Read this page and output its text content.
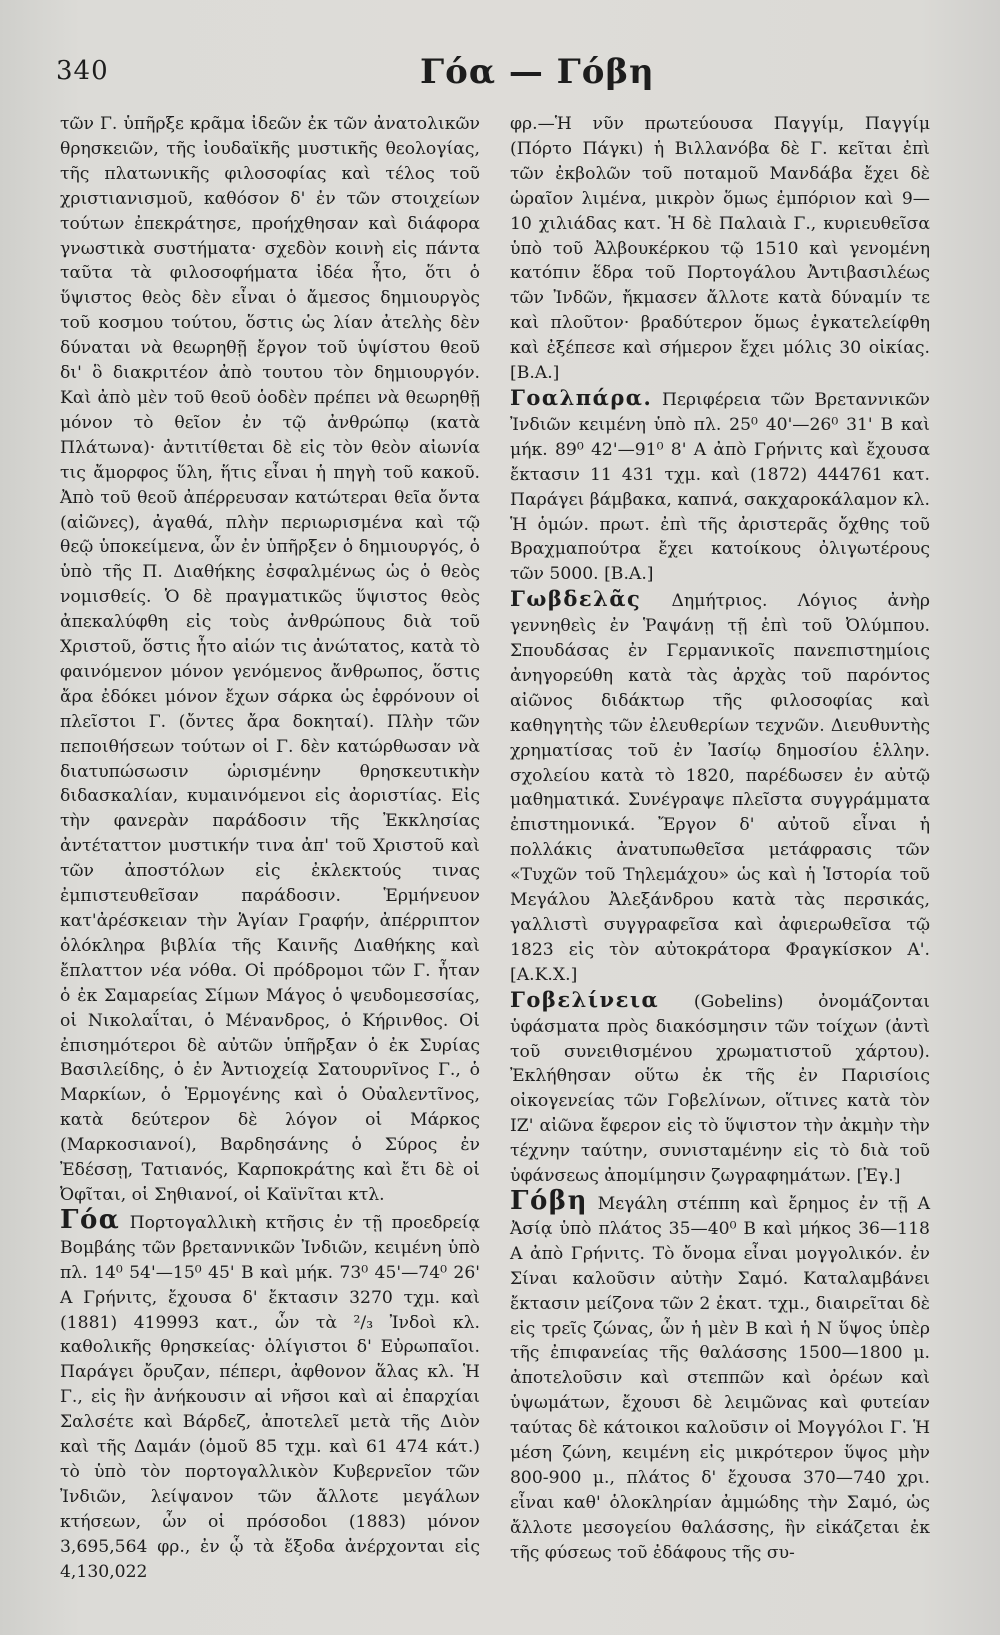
340	Γόα — Γόβη

τῶν Γ. ὑπῆρξε κρᾶμα ἰδεῶν ἐκ τῶν ἀνατολικῶν θρησκειῶν, τῆς ἰουδαϊκῆς μυστικῆς θεολογίας, τῆς πλατωνικῆς φιλοσοφίας καὶ τέλος τοῦ χριστιανισμοῦ, καθόσον δ' ἐν τῶν στοιχείων τούτων ἐπεκράτησε, προήχθησαν καὶ διάφορα γνωστικὰ συστήματα· σχεδὸν κοινὴ εἰς πάντα ταῦτα τὰ φιλοσοφήματα ἰδέα ἦτο, ὅτι ὁ ὕψιστος θεὸς δὲν εἶναι ὁ ἄμεσος δημιουργὸς τοῦ κοσμου τούτου, ὅστις ὡς λίαν ἀτελὴς δὲν δύναται νὰ θεωρηθῇ ἔργον τοῦ ὑψίστου θεοῦ δι' ὃ διακριτέον ἀπὸ τουτου τὸν δημιουργόν. Καὶ ἀπὸ μὲν τοῦ θεοῦ ὁοδὲν πρέπει νὰ θεωρηθῇ μόνον τὸ θεῖον ἐν τῷ ἀνθρώπῳ (κατὰ Πλάτωνα)· ἀντιτίθεται δὲ εἰς τὸν θεὸν αἰωνία τις ἄμορφος ὕλη, ἥτις εἶναι ἡ πηγὴ τοῦ κακοῦ. Ἀπὸ τοῦ θεοῦ ἀπέρρευσαν κατώτεραι θεῖα ὄντα (αἰῶνες), ἀγαθά, πλὴν περιωρισμένα καὶ τῷ θεῷ ὑποκείμενα, ὧν ἐν ὑπῆρξεν ὁ δημιουργός, ὁ ὑπὸ τῆς Π. Διαθήκης ἐσφαλμένως ὡς ὁ θεὸς νομισθείς. Ὁ δὲ πραγματικῶς ὕψιστος θεὸς ἀπεκαλύφθη εἰς τοὺς ἀνθρώπους διὰ τοῦ Χριστοῦ, ὅστις ἦτο αἰών τις ἀνώτατος, κατὰ τὸ φαινόμενον μόνον γενόμενος ἄνθρωπος, ὅστις ἄρα ἐδόκει μόνον ἔχων σάρκα ὡς ἐφρόνουν οἱ πλεῖστοι Γ. (ὄντες ἄρα δοκηταί). Πλὴν τῶν πεποιθήσεων τούτων οἱ Γ. δὲν κατώρθωσαν νὰ διατυπώσωσιν ὡρισμένην θρησκευτικὴν διδασκαλίαν, κυμαινόμενοι εἰς ἀοριστίας. Εἰς τὴν φανερὰν παράδοσιν τῆς Ἐκκλησίας ἀντέταττον μυστικήν τινα ἀπ' τοῦ Χριστοῦ καὶ τῶν ἀποστόλων εἰς ἐκλεκτούς τινας ἐμπιστευθεῖσαν παράδοσιν. Ἑρμήνευον κατ'ἀρέσκειαν τὴν Ἁγίαν Γραφήν, ἀπέρριπτον ὁλόκληρα βιβλία τῆς Καινῆς Διαθήκης καὶ ἔπλαττον νέα νόθα. Οἱ πρόδρομοι τῶν Γ. ἦταν ὁ ἐκ Σαμαρείας Σίμων Μάγος ὁ ψευδομεσσίας, οἱ Νικολαΐται, ὁ Μένανδρος, ὁ Κήρινθος. Οἱ ἐπισημότεροι δὲ αὐτῶν ὑπῆρξαν ὁ ἐκ Συρίας Βασιλείδης, ὁ ἐν Ἀντιοχείᾳ Σατουρνῖνος Γ., ὁ Μαρκίων, ὁ Ἑρμογένης καὶ ὁ Οὐαλεντῖνος, κατὰ δεύτερον δὲ λόγον οἱ Μάρκος (Μαρκοσιανοί), Βαρδησάνης ὁ Σύρος ἐν Ἐδέσσῃ, Τατιανός, Καρποκράτης καὶ ἔτι δὲ οἱ Ὀφῖται, οἱ Σηθιανοί, οἱ Καϊνῖται κτλ.

Γόα Πορτογαλλικὴ κτῆσις ἐν τῇ προεδρείᾳ Βομβάης τῶν βρεταννικῶν Ἰνδιῶν, κειμένη ὑπὸ πλ. 14⁰ 54'—15⁰ 45' Β καὶ μήκ. 73⁰ 45'—74⁰ 26' Α Γρήνιτς, ἔχουσα δ' ἔκτασιν 3270 τχμ. καὶ (1881) 419993 κατ., ὧν τὰ ²/₃ Ἰνδοὶ κλ. καθολικῆς θρησκείας· ὀλίγιστοι δ' Εὐρωπαῖοι. Παράγει ὄρυζαν, πέπερι, ἀφθονον ἅλας κλ. Ἡ Γ., εἰς ἣν ἀνήκουσιν αἱ νῆσοι καὶ αἱ ἐπαρχίαι Σαλσέτε καὶ Βάρδεζ, ἀποτελεῖ μετὰ τῆς Διὸν καὶ τῆς Δαμάν (ὁμοῦ 85 τχμ. καὶ 61 474 κάτ.) τὸ ὑπὸ τὸν πορτογαλλικὸν Κυβερνεῖον τῶν Ἰνδιῶν, λείψανον τῶν ἄλλοτε μεγάλων κτήσεων, ὧν οἱ πρόσοδοι (1883) μόνον 3,695,564 φρ., ἐν ᾧ τὰ ἔξοδα ἀνέρχονται εἰς 4,130,022

φρ.—Ἡ νῦν πρωτεύουσα Παγγίμ, Παγγίμ (Πόρτο Πάγκι) ἡ Βιλλανόβα δὲ Γ. κεῖται ἐπὶ τῶν ἐκβολῶν τοῦ ποταμοῦ Μανδάβα ἔχει δὲ ὡραῖον λιμένα, μικρὸν ὅμως ἐμπόριον καὶ 9—10 χιλιάδας κατ. Ἡ δὲ Παλαιὰ Γ., κυριευθεῖσα ὑπὸ τοῦ Ἀλβουκέρκου τῷ 1510 καὶ γενομένη κατόπιν ἕδρα τοῦ Πορτογάλου Ἀντιβασιλέως τῶν Ἰνδῶν, ἤκμασεν ἄλλοτε κατὰ δύναμίν τε καὶ πλοῦτον· βραδύτερον ὅμως ἐγκατελείφθη καὶ ἐξέπεσε καὶ σήμερον ἔχει μόλις 30 οἰκίας. [Β.Α.]

Γοαλπάρα. Περιφέρεια τῶν Βρεταννικῶν Ἰνδιῶν κειμένη ὑπὸ πλ. 25⁰ 40'—26⁰ 31' Β καὶ μήκ. 89⁰ 42'—91⁰ 8' Α ἀπὸ Γρήνιτς καὶ ἔχουσα ἔκτασιν 11 431 τχμ. καὶ (1872) 444761 κατ. Παράγει βάμβακα, καπνά, σακχαροκάλαμον κλ. Ἡ ὁμών. πρωτ. ἐπὶ τῆς ἀριστερᾶς ὄχθης τοῦ Βραχμαπούτρα ἔχει κατοίκους ὀλιγωτέρους τῶν 5000. [Β.Α.]

Γωβδελᾶς Δημήτριος. Λόγιος ἀνὴρ γεννηθεὶς ἐν Ῥαψάνῃ τῇ ἐπὶ τοῦ Ὀλύμπου. Σπουδάσας ἐν Γερμανικοῖς πανεπιστημίοις ἀνηγορεύθη κατὰ τὰς ἀρχὰς τοῦ παρόντος αἰῶνος διδάκτωρ τῆς φιλοσοφίας καὶ καθηγητὴς τῶν ἐλευθερίων τεχνῶν. Διευθυντὴς χρηματίσας τοῦ ἐν Ἰασίῳ δημοσίου ἑλλην. σχολείου κατὰ τὸ 1820, παρέδωσεν ἐν αὐτῷ μαθηματικά. Συνέγραψε πλεῖστα συγγράμματα ἐπιστημονικά. Ἔργον δ' αὐτοῦ εἶναι ἡ πολλάκις ἀνατυπωθεῖσα μετάφρασις τῶν «Τυχῶν τοῦ Τηλεμάχου» ὡς καὶ ἡ Ἱστορία τοῦ Μεγάλου Ἀλεξάνδρου κατὰ τὰς περσικάς, γαλλιστὶ συγγραφεῖσα καὶ ἀφιερωθεῖσα τῷ 1823 εἰς τὸν αὐτοκράτορα Φραγκίσκον Α'. [Α.Κ.Χ.]

Γοβελίνεια (Gobelins) ὀνομάζονται ὑφάσματα πρὸς διακόσμησιν τῶν τοίχων (ἀντὶ τοῦ συνειθισμένου χρωματιστοῦ χάρτου). Ἐκλήθησαν οὕτω ἐκ τῆς ἐν Παρισίοις οἰκογενείας τῶν Γοβελίνων, οἵτινες κατὰ τὸν ΙΖ' αἰῶνα ἔφερον εἰς τὸ ὕψιστον τὴν ἀκμὴν τὴν τέχνην ταύτην, συνισταμένην εἰς τὸ διὰ τοῦ ὑφάνσεως ἀπομίμησιν ζωγραφημάτων. [Ἐγ.]

Γόβη Μεγάλη στέππη καὶ ἔρημος ἐν τῇ Α Ἀσίᾳ ὑπὸ πλάτος 35—40⁰ Β καὶ μήκος 36—118 Α ἀπὸ Γρήνιτς. Τὸ ὄνομα εἶναι μογγολικόν. ἐν Σίναι καλοῦσιν αὐτὴν Σαμό. Καταλαμβάνει ἔκτασιν μείζονα τῶν 2 ἑκατ. τχμ., διαιρεῖται δὲ εἰς τρεῖς ζώνας, ὧν ἡ μὲν Β καὶ ἡ Ν ὕψος ὑπὲρ τῆς ἐπιφανείας τῆς θαλάσσης 1500—1800 μ. ἀποτελοῦσιν καὶ στεππῶν καὶ ὀρέων καὶ ὑψωμάτων, ἔχουσι δὲ λειμῶνας καὶ φυτείαν ταύτας δὲ κάτοικοι καλοῦσιν οἱ Μογγόλοι Γ. Ἡ μέση ζώνη, κειμένη εἰς μικρότερον ὕψος μὴν 800-900 μ., πλάτος δ' ἔχουσα 370—740 χρι. εἶναι καθ' ὁλοκληρίαν ἀμμώδης τὴν Σαμό, ὡς ἄλλοτε μεσογείου θαλάσσης, ἣν εἰκάζεται ἐκ τῆς φύσεως τοῦ ἐδάφους τῆς συ-
